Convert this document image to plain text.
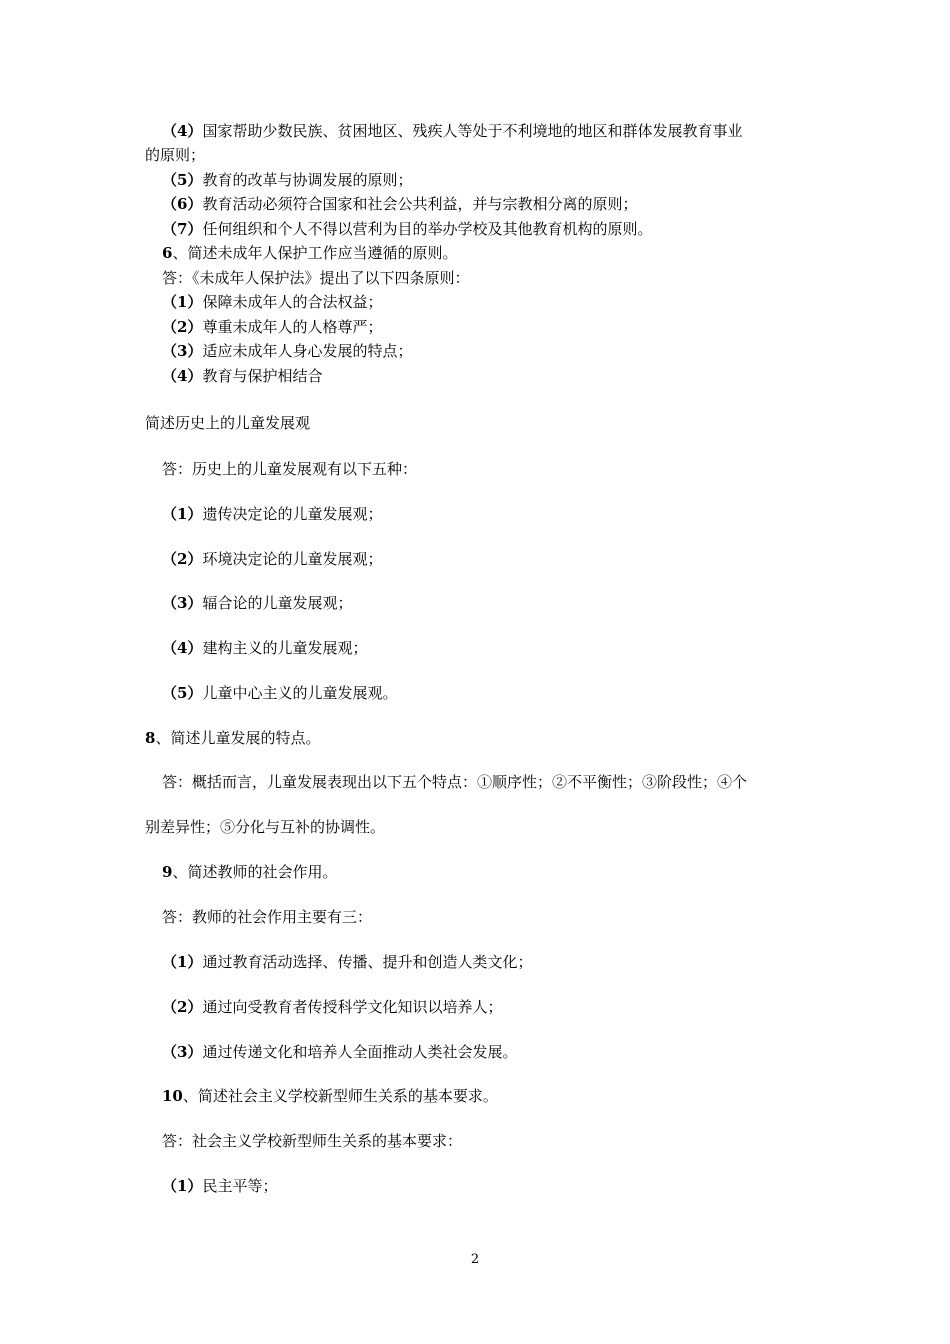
（4）国家帮助少数民族、贫困地区、残疾人等处于不利境地的地区和群体发展教育事业
的原则；
（5）教育的改革与协调发展的原则；
（6）教育活动必须符合国家和社会公共利益，并与宗教相分离的原则；
（7）任何组织和个人不得以营利为目的举办学校及其他教育机构的原则。
6、简述未成年人保护工作应当遵循的原则。
答：《未成年人保护法》提出了以下四条原则：
（1）保障未成年人的合法权益；
（2）尊重未成年人的人格尊严；
（3）适应未成年人身心发展的特点；
（4）教育与保护相结合
简述历史上的儿童发展观
答：历史上的儿童发展观有以下五种：
（1）遗传决定论的儿童发展观；
（2）环境决定论的儿童发展观；
（3）辐合论的儿童发展观；
（4）建构主义的儿童发展观；
（5）儿童中心主义的儿童发展观。
8、简述儿童发展的特点。
答：概括而言，儿童发展表现出以下五个特点：①顺序性；②不平衡性；③阶段性；④个
别差异性；⑤分化与互补的协调性。
9、简述教师的社会作用。
答：教师的社会作用主要有三：
（1）通过教育活动选择、传播、提升和创造人类文化；
（2）通过向受教育者传授科学文化知识以培养人；
（3）通过传递文化和培养人全面推动人类社会发展。
10、简述社会主义学校新型师生关系的基本要求。
答：社会主义学校新型师生关系的基本要求：
（1）民主平等；
2
